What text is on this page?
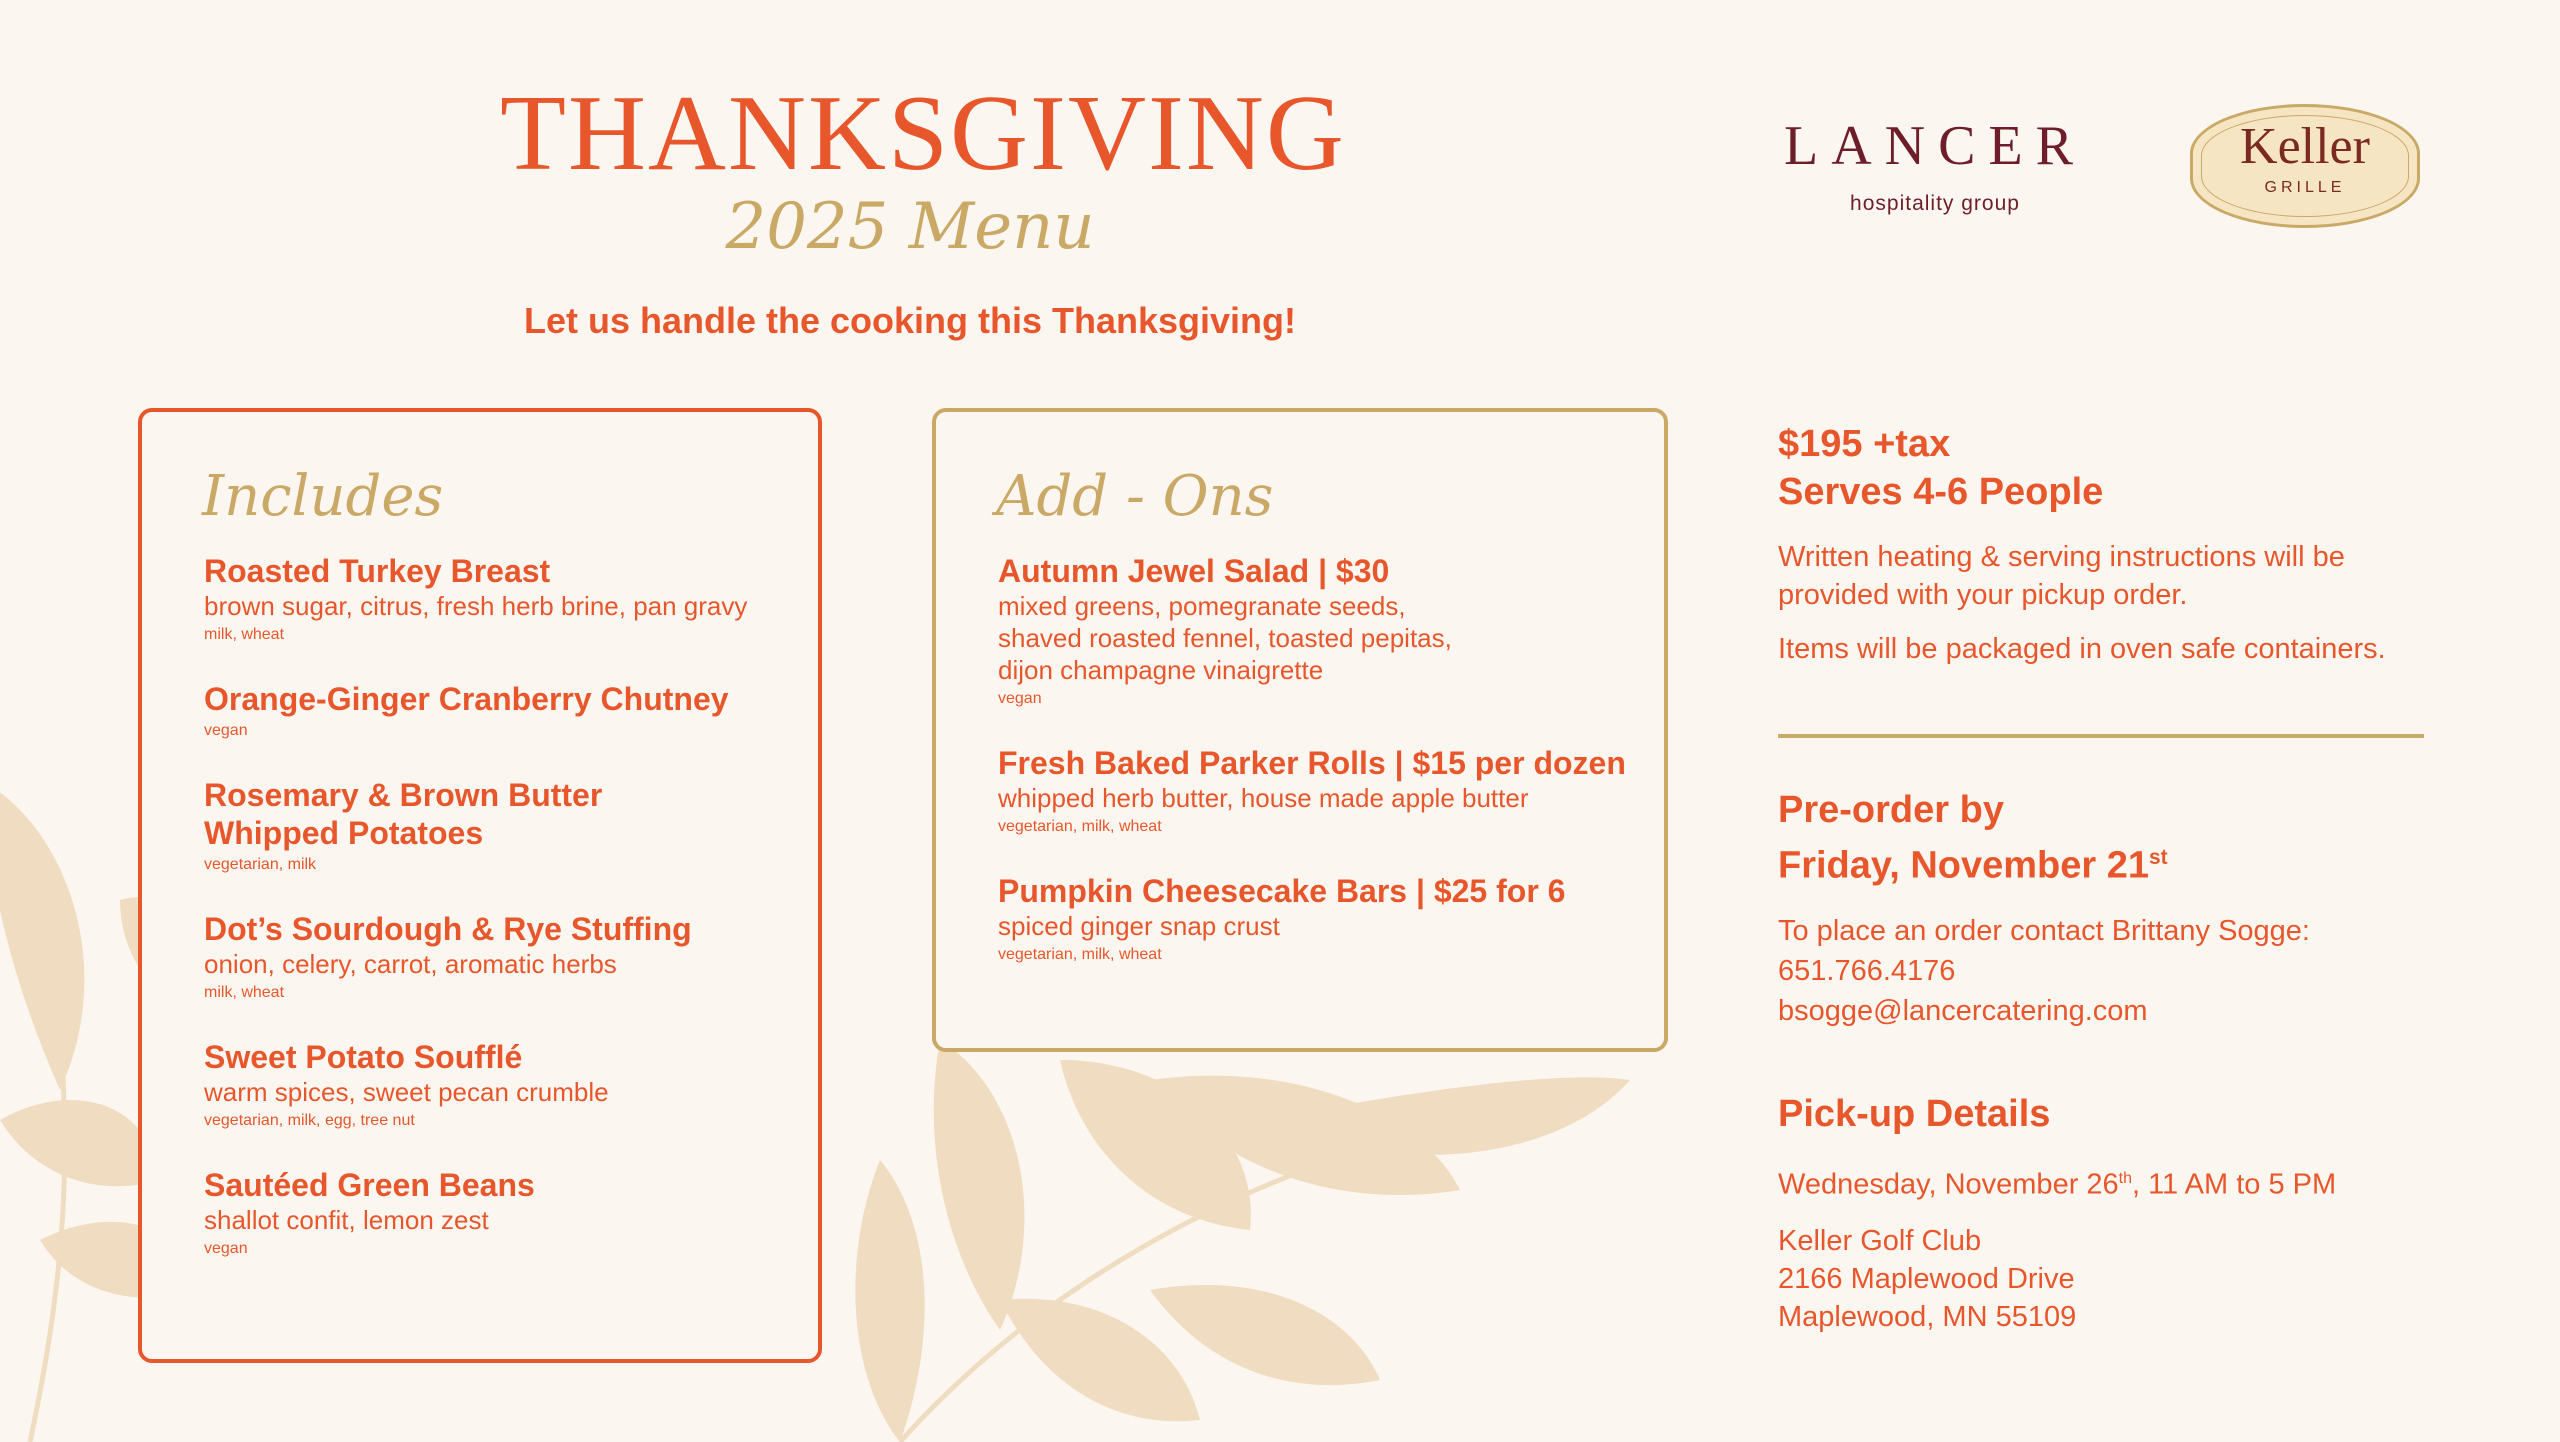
THANKSGIVING
2025 Menu
Let us handle the cooking this Thanksgiving!
LANCER
hospitality group
Keller
GRILLE
Includes
Roasted Turkey Breast
brown sugar, citrus, fresh herb brine, pan gravy
milk, wheat
Orange-Ginger Cranberry Chutney
vegan
Rosemary & Brown Butter Whipped Potatoes
vegetarian, milk
Dot’s Sourdough & Rye Stuffing
onion, celery, carrot, aromatic herbs
milk, wheat
Sweet Potato Soufflé
warm spices, sweet pecan crumble
vegetarian, milk, egg, tree nut
Sautéed Green Beans
shallot confit, lemon zest
vegan
Add - Ons
Autumn Jewel Salad | $30
mixed greens, pomegranate seeds, shaved roasted fennel, toasted pepitas, dijon champagne vinaigrette
vegan
Fresh Baked Parker Rolls | $15 per dozen
whipped herb butter, house made apple butter
vegetarian, milk, wheat
Pumpkin Cheesecake Bars | $25 for 6
spiced ginger snap crust
vegetarian, milk, wheat
$195 +tax
Serves 4-6 People
Written heating & serving instructions will be provided with your pickup order.
Items will be packaged in oven safe containers.
Pre-order by
Friday, November 21st
To place an order contact Brittany Sogge:
651.766.4176
bsogge@lancercatering.com
Pick-up Details
Wednesday, November 26th, 11 AM to 5 PM
Keller Golf Club
2166 Maplewood Drive
Maplewood, MN 55109
